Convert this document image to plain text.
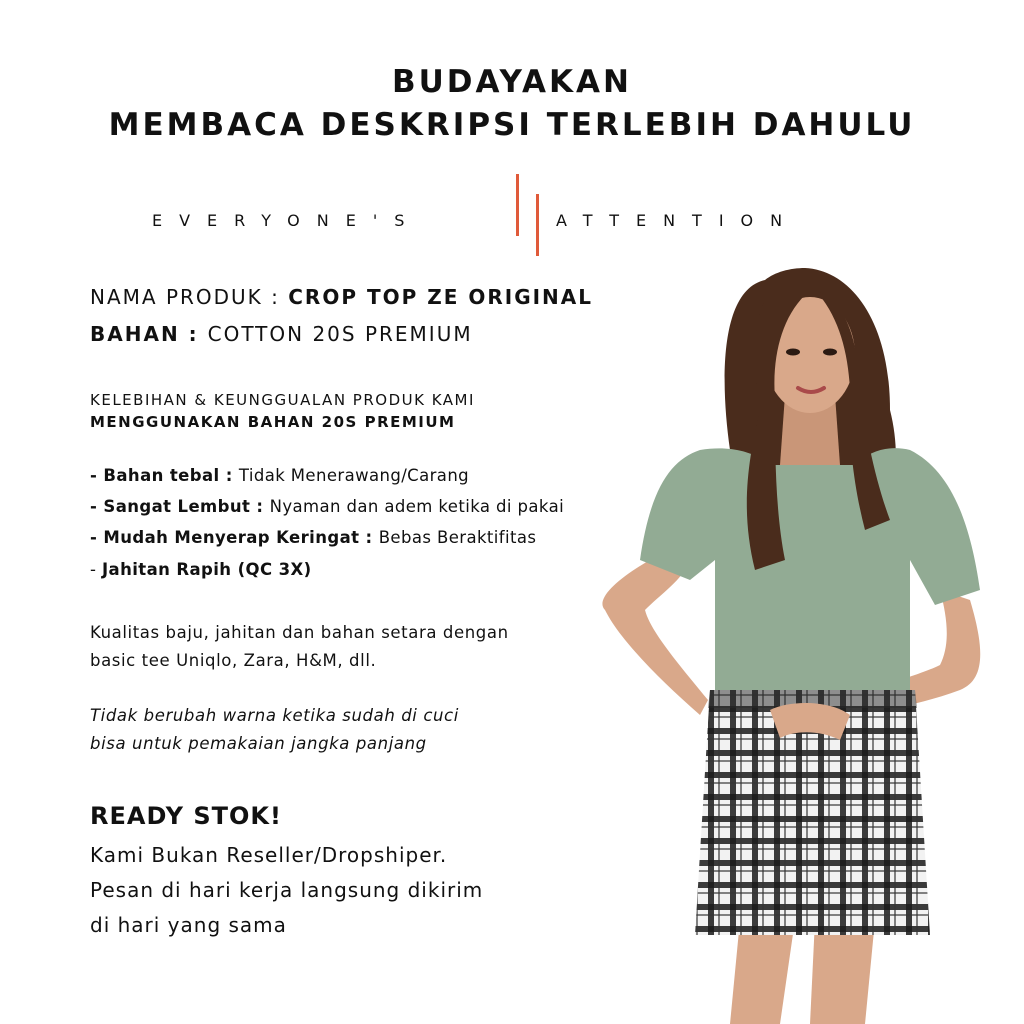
BUDAYAKAN
MEMBACA DESKRIPSI TERLEBIH DAHULU
EVERYONE'S	ATTENTION
NAMA PRODUK : CROP TOP ZE ORIGINAL
BAHAN : COTTON 20S PREMIUM
KELEBIHAN & KEUNGGUALAN PRODUK KAMI
MENGGUNAKAN BAHAN 20S PREMIUM
- Bahan tebal : Tidak Menerawang/Carang
- Sangat Lembut : Nyaman dan adem ketika di pakai
- Mudah Menyerap Keringat : Bebas Beraktifitas
- Jahitan Rapih (QC 3X)
Kualitas baju, jahitan dan bahan setara dengan
basic tee Uniqlo, Zara, H&M, dll.
Tidak berubah warna ketika sudah di cuci
bisa untuk pemakaian jangka panjang
READY STOK!
Kami Bukan Reseller/Dropshiper.
Pesan di hari kerja langsung dikirim
di hari yang sama
